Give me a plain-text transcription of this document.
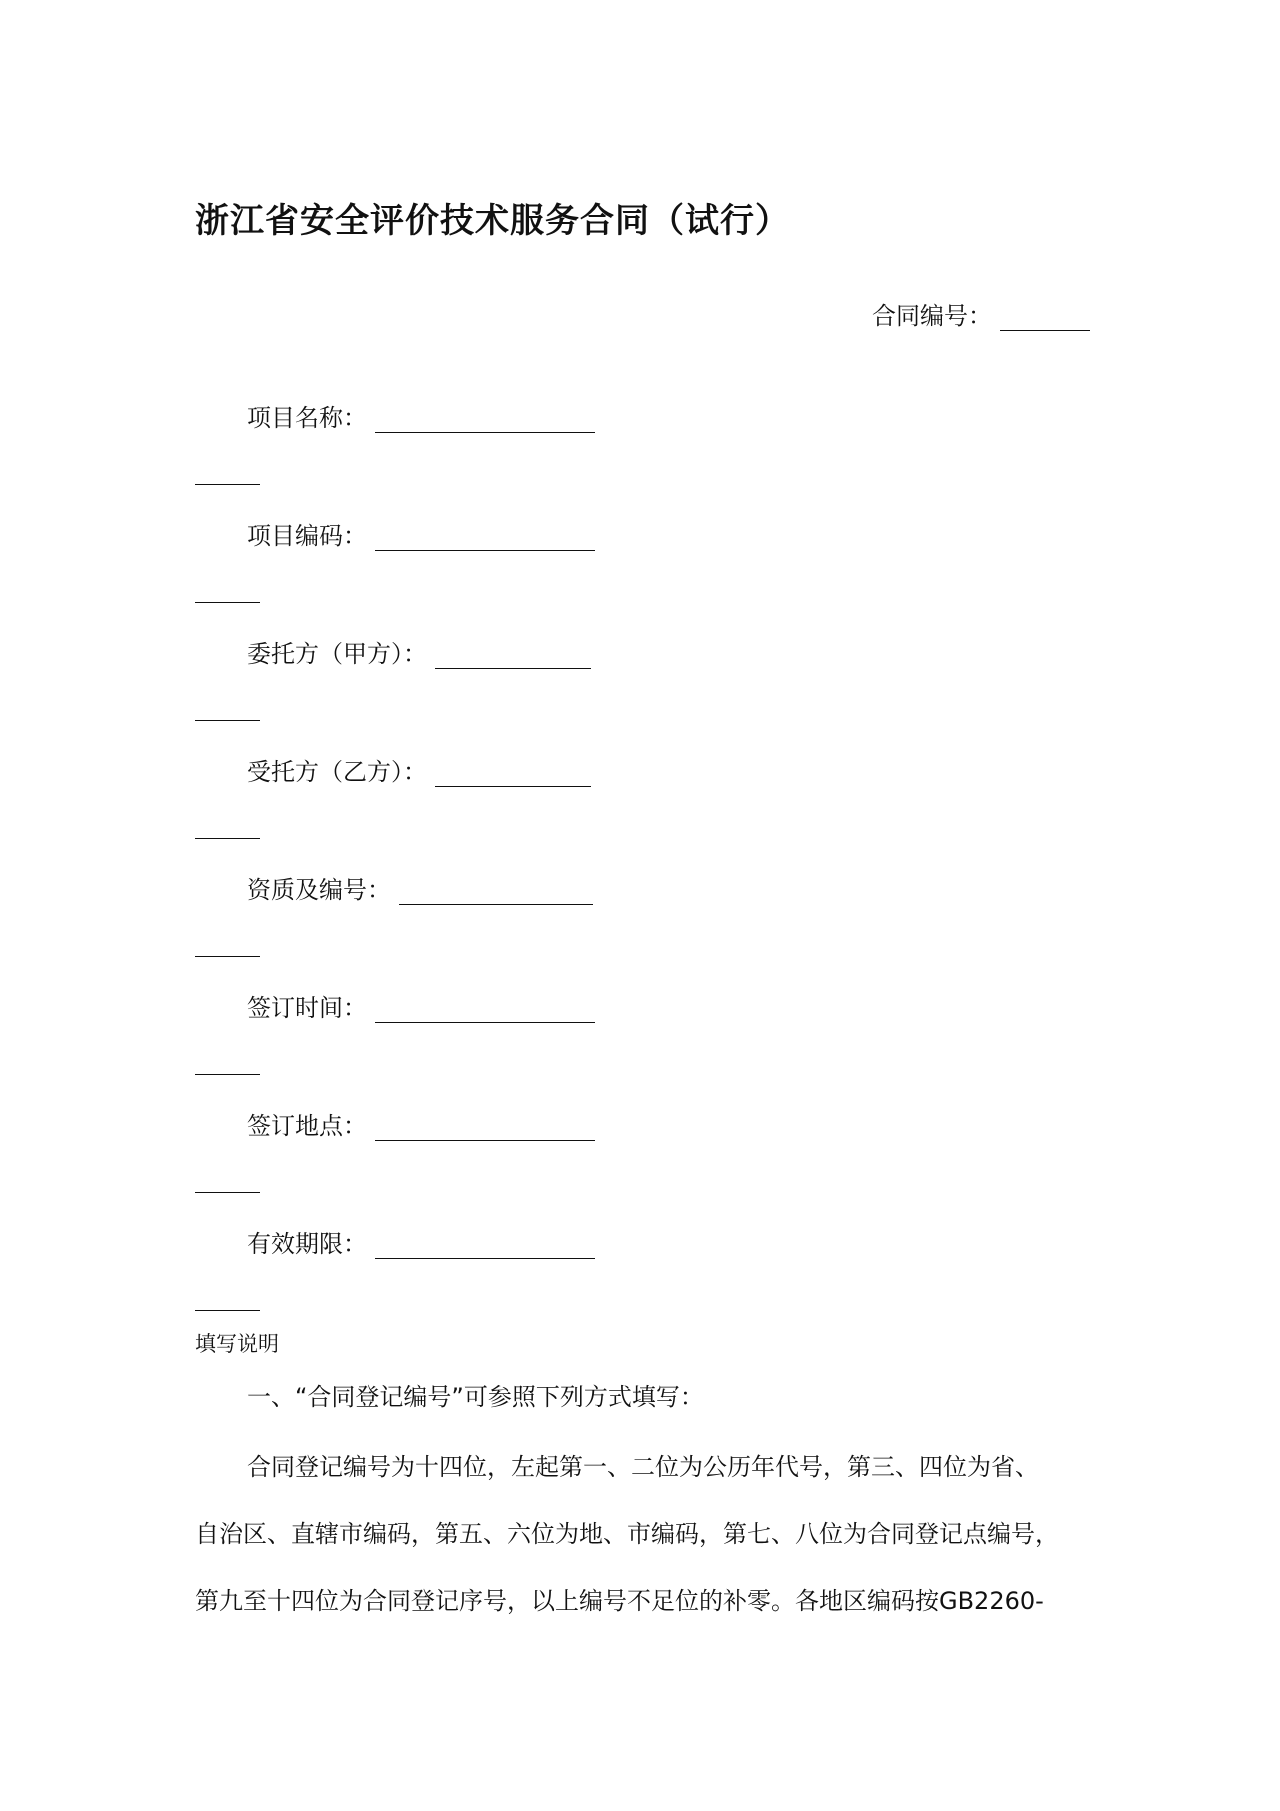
浙江省安全评价技术服务合同（试行）
合同编号：
项目名称：
项目编码：
委托方（甲方）：
受托方（乙方）：
资质及编号：
签订时间：
签订地点：
有效期限：
填写说明
一、“合同登记编号”可参照下列方式填写：
合同登记编号为十四位，左起第一、二位为公历年代号，第三、四位为省、
自治区、直辖市编码，第五、六位为地、市编码，第七、八位为合同登记点编号，
第九至十四位为合同登记序号，以上编号不足位的补零。各地区编码按GB2260-
